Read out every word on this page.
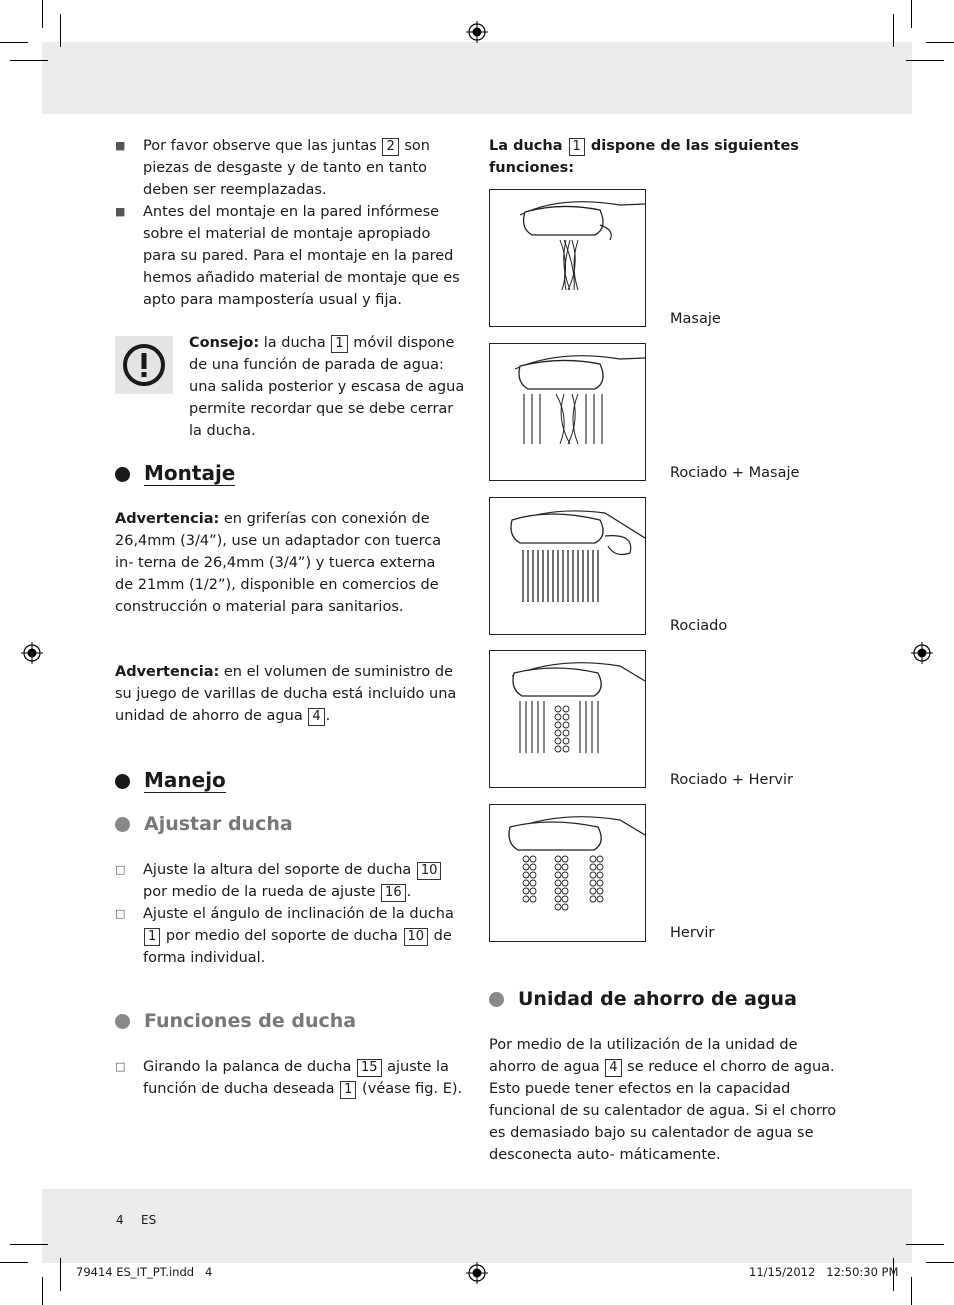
■ Por favor observe que las juntas 2 son piezas de desgaste y de tanto en tanto deben ser reemplazadas.
■ Antes del montaje en la pared infórmese sobre el material de montaje apropiado para su pared. Para el montaje en la pared hemos añadido material de montaje que es apto para mampostería usual y fija.

Consejo: la ducha 1 móvil dispone de una función de parada de agua: una salida posterior y escasa de agua permite recordar que se debe cerrar la ducha.

Montaje

Advertencia: en griferías con conexión de 26,4mm (3/4”), use un adaptador con tuerca in- terna de 26,4mm (3/4”) y tuerca externa de 21mm (1/2”), disponible en comercios de construcción o material para sanitarios.

Advertencia: en el volumen de suministro de su juego de varillas de ducha está incluido una unidad de ahorro de agua 4 .

Manejo
Ajustar ducha
□ Ajuste la altura del soporte de ducha 10 por medio de la rueda de ajuste 16 .
□ Ajuste el ángulo de inclinación de la ducha 1 por medio del soporte de ducha 10 de forma individual.
Funciones de ducha
□ Girando la palanca de ducha 15 ajuste la función de ducha deseada 1 (véase fig. E).

La ducha 1 dispone de las siguientes funciones:

Masaje
Rociado + Masaje
Rociado
Rociado + Hervir
Hervir
Unidad de ahorro de agua

Por medio de la utilización de la unidad de ahorro de agua 4 se reduce el chorro de agua. Esto puede tener efectos en la capacidad funcional de su calentador de agua. Si el chorro es demasiado bajo su calentador de agua se desconecta auto- máticamente.

4 ES
79414 ES_IT_PT.indd   4	11/15/2012   12:50:30 PM
